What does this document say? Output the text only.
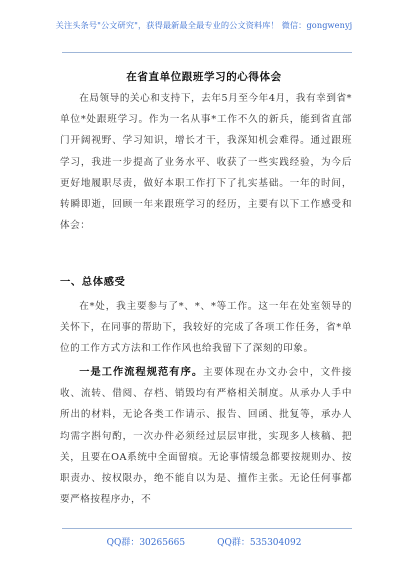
关注头条号"公文研究"，获得最新最全最专业的公文资料库！ 微信：gongwenyj
在省直单位跟班学习的心得体会
在局领导的关心和支持下，去年5月至今年4月，我有幸到省*单位*处跟班学习。作为一名从事*工作不久的新兵，能到省直部门开阔视野、学习知识，增长才干，我深知机会难得。通过跟班学习，我进一步提高了业务水平、收获了一些实践经验，为今后更好地履职尽责，做好本职工作打下了扎实基础。一年的时间，转瞬即逝，回顾一年来跟班学习的经历，主要有以下工作感受和体会：
一、总体感受
在*处，我主要参与了*、*、*等工作。这一年在处室领导的关怀下，在同事的帮助下，我较好的完成了各项工作任务，省*单位的工作方式方法和工作作风也给我留下了深刻的印象。
一是工作流程规范有序。主要体现在办文办会中，文件接收、流转、借阅、存档、销毁均有严格相关制度。从承办人手中所出的材料，无论各类工作请示、报告、回函、批复等，承办人均需字斟句酌，一次办件必须经过层层审批，实现多人核稿、把关，且要在OA系统中全面留痕。无论事情缓急都要按规则办、按职责办、按权限办，绝不能自以为是、擅作主张。无论任何事都要严格按程序办，不
QQ群：30265665	QQ群：535304092
